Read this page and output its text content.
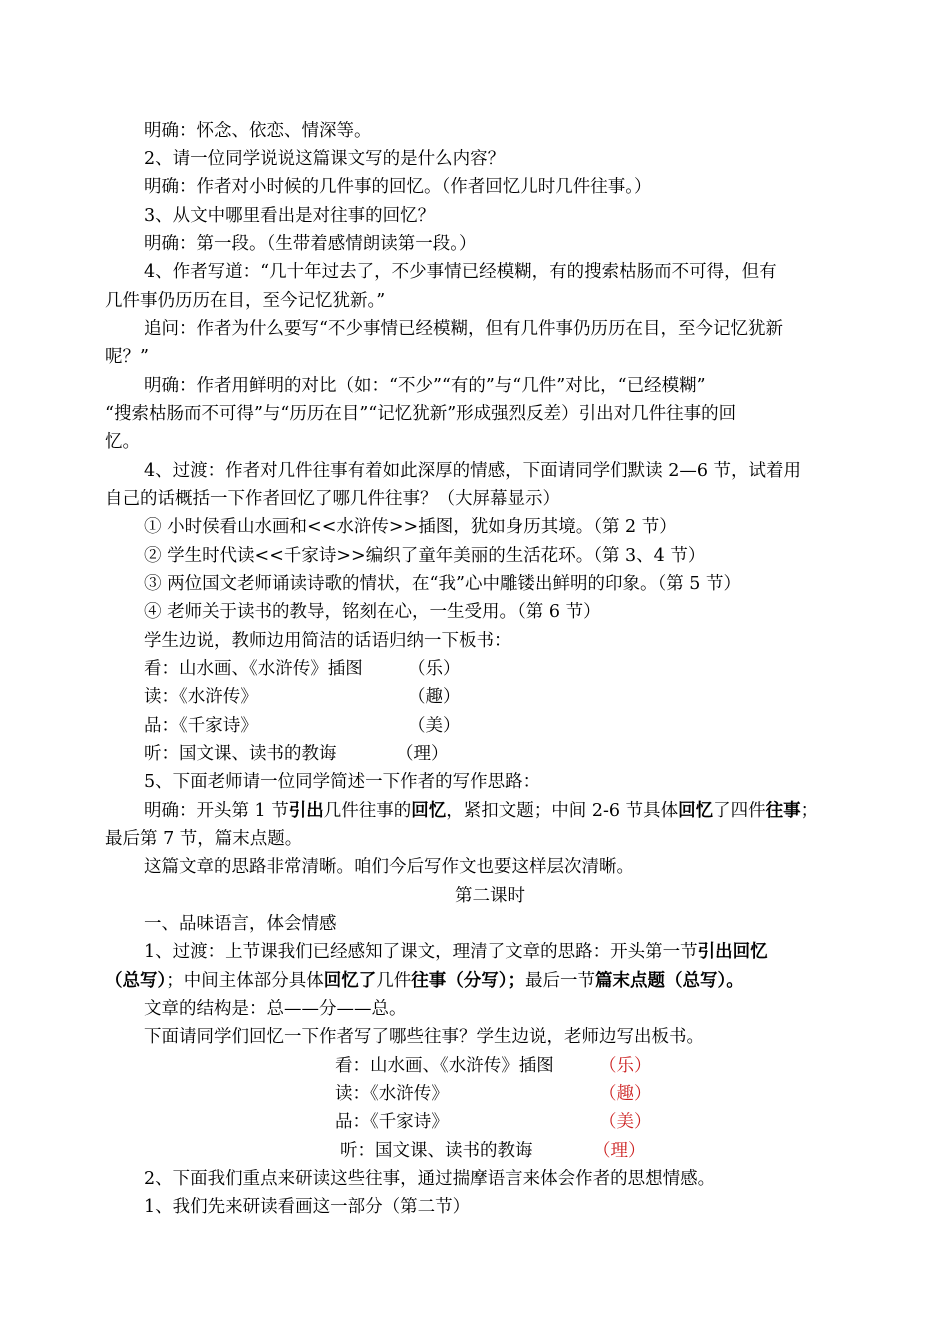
明确：怀念、依恋、情深等。
2、请一位同学说说这篇课文写的是什么内容？
明确：作者对小时候的几件事的回忆。（作者回忆儿时几件往事。）
3、从文中哪里看出是对往事的回忆？
明确：第一段。（生带着感情朗读第一段。）
4、作者写道：“几十年过去了，不少事情已经模糊，有的搜索枯肠而不可得，但有
几件事仍历历在目，至今记忆犹新。”
追问：作者为什么要写“不少事情已经模糊，但有几件事仍历历在目，至今记忆犹新
呢？”
明确：作者用鲜明的对比（如：“不少”“有的”与“几件”对比，“已经模糊”
“搜索枯肠而不可得”与“历历在目”“记忆犹新”形成强烈反差）引出对几件往事的回
忆。
4、过渡：作者对几件往事有着如此深厚的情感，下面请同学们默读 2—6 节，试着用
自己的话概括一下作者回忆了哪几件往事？（大屏幕显示）
① 小时侯看山水画和<<水浒传>>插图，犹如身历其境。（第 2 节）
② 学生时代读<<千家诗>>编织了童年美丽的生活花环。（第 3、4 节）
③ 两位国文老师诵读诗歌的情状，在“我”心中雕镂出鲜明的印象。（第 5 节）
④ 老师关于读书的教导，铭刻在心，一生受用。（第 6 节）
学生边说，教师边用简洁的话语归纳一下板书：
看：山水画、《水浒传》插图	（乐）
读：《水浒传》	（趣）
品：《千家诗》	（美）
听：国文课、读书的教诲	（理）
5、下面老师请一位同学简述一下作者的写作思路：
明确：开头第 1 节引出几件往事的回忆，紧扣文题；中间 2-6 节具体回忆了四件往事；
最后第 7 节，篇末点题。
这篇文章的思路非常清晰。咱们今后写作文也要这样层次清晰。
第二课时
一、品味语言，体会情感
1、过渡：上节课我们已经感知了课文，理清了文章的思路：开头第一节引出回忆
（总写）；中间主体部分具体回忆了几件往事（分写）；最后一节篇末点题（总写）。
文章的结构是：总——分——总。
下面请同学们回忆一下作者写了哪些往事？学生边说，老师边写出板书。
看：山水画、《水浒传》插图	（乐）
读：《水浒传》	（趣）
品：《千家诗》	（美）
听：国文课、读书的教诲	（理）
2、下面我们重点来研读这些往事，通过揣摩语言来体会作者的思想情感。
1、我们先来研读看画这一部分（第二节）
